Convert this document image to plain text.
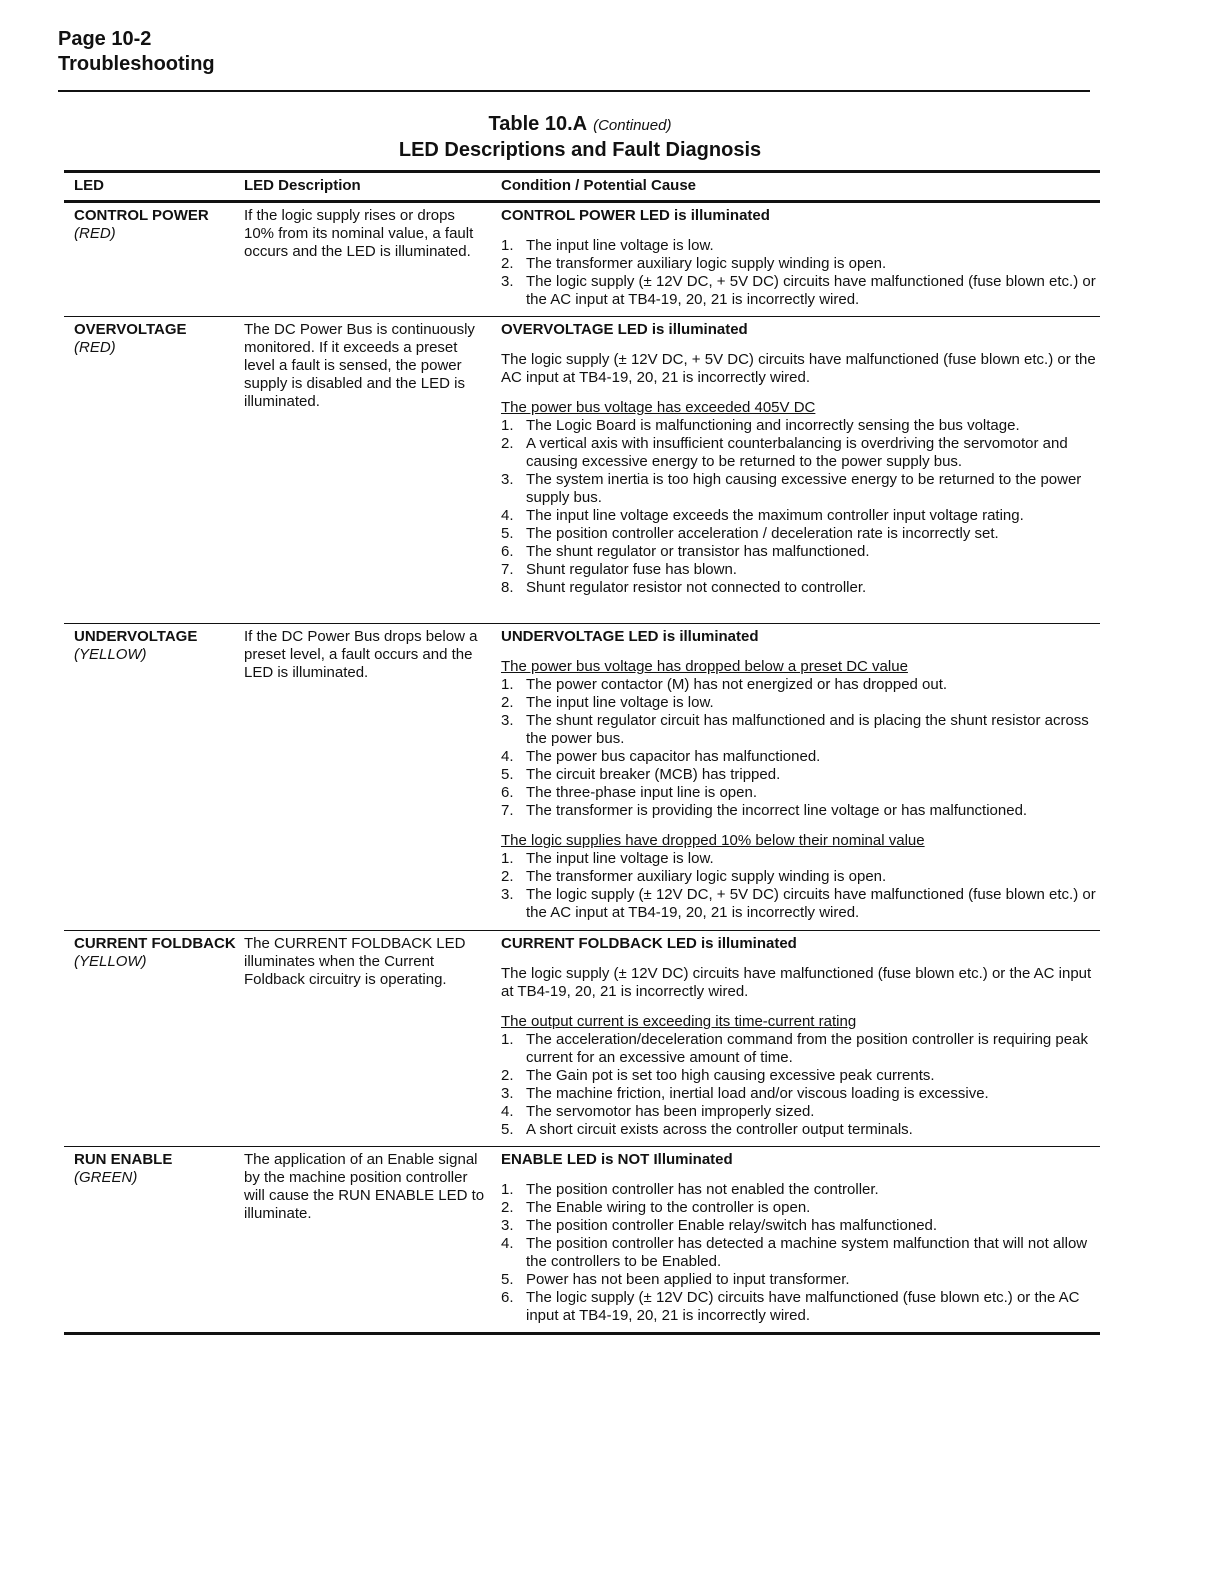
Page 10-2
Troubleshooting
Table 10.A (Continued)
LED Descriptions and Fault Diagnosis
LED	LED Description	Condition / Potential Cause
CONTROL POWER
(RED)
If the logic supply rises or drops 10% from its nominal value, a fault occurs and the LED is illuminated.
CONTROL POWER LED is illuminated
1. The input line voltage is low.
2. The transformer auxiliary logic supply winding is open.
3. The logic supply (± 12V DC, + 5V DC) circuits have malfunctioned (fuse blown etc.) or the AC input at TB4-19, 20, 21 is incorrectly wired.
OVERVOLTAGE
(RED)
The DC Power Bus is continuously monitored. If it exceeds a preset level a fault is sensed, the power supply is disabled and the LED is illuminated.
OVERVOLTAGE LED is illuminated

The logic supply (± 12V DC, + 5V DC) circuits have malfunctioned (fuse blown etc.) or the AC input at TB4-19, 20, 21 is incorrectly wired.

The power bus voltage has exceeded 405V DC
1. The Logic Board is malfunctioning and incorrectly sensing the bus voltage.
2. A vertical axis with insufficient counterbalancing is overdriving the servomotor and causing excessive energy to be returned to the power supply bus.
3. The system inertia is too high causing excessive energy to be returned to the power supply bus.
4. The input line voltage exceeds the maximum controller input voltage rating.
5. The position controller acceleration / deceleration rate is incorrectly set.
6. The shunt regulator or transistor has malfunctioned.
7. Shunt regulator fuse has blown.
8. Shunt regulator resistor not connected to controller.
UNDERVOLTAGE
(YELLOW)
If the DC Power Bus drops below a preset level, a fault occurs and the LED is illuminated.
UNDERVOLTAGE LED is illuminated
The power bus voltage has dropped below a preset DC value
1. The power contactor (M) has not energized or has dropped out.
2. The input line voltage is low.
3. The shunt regulator circuit has malfunctioned and is placing the shunt resistor across the power bus.
4. The power bus capacitor has malfunctioned.
5. The circuit breaker (MCB) has tripped.
6. The three-phase input line is open.
7. The transformer is providing the incorrect line voltage or has malfunctioned.
The logic supplies have dropped 10% below their nominal value
1. The input line voltage is low.
2. The transformer auxiliary logic supply winding is open.
3. The logic supply (± 12V DC, + 5V DC) circuits have malfunctioned (fuse blown etc.) or the AC input at TB4-19, 20, 21 is incorrectly wired.
CURRENT FOLDBACK
(YELLOW)
The CURRENT FOLDBACK LED illuminates when the Current Foldback circuitry is operating.
CURRENT FOLDBACK LED is illuminated

The logic supply (± 12V DC) circuits have malfunctioned (fuse blown etc.) or the AC input at TB4-19, 20, 21 is incorrectly wired.

The output current is exceeding its time-current rating
1. The acceleration/deceleration command from the position controller is requiring peak current for an excessive amount of time.
2. The Gain pot is set too high causing excessive peak currents.
3. The machine friction, inertial load and/or viscous loading is excessive.
4. The servomotor has been improperly sized.
5. A short circuit exists across the controller output terminals.
RUN ENABLE
(GREEN)
The application of an Enable signal by the machine position controller will cause the RUN ENABLE LED to illuminate.
ENABLE LED is NOT Illuminated
1. The position controller has not enabled the controller.
2. The Enable wiring to the controller is open.
3. The position controller Enable relay/switch has malfunctioned.
4. The position controller has detected a machine system malfunction that will not allow the controllers to be Enabled.
5. Power has not been applied to input transformer.
6. The logic supply (± 12V DC) circuits have malfunctioned (fuse blown etc.) or the AC input at TB4-19, 20, 21 is incorrectly wired.
